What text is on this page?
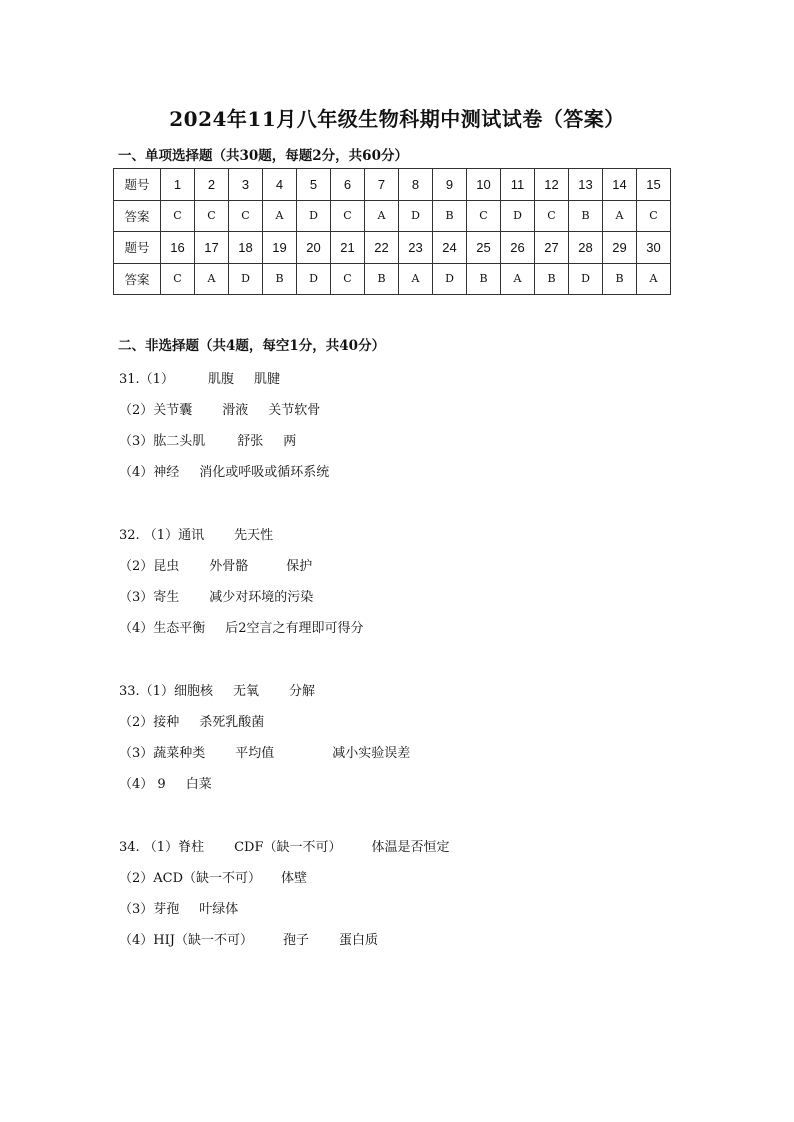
2024年11月八年级生物科期中测试试卷（答案）
一、单项选择题（共30题，每题2分，共60分）
题号	1	2	3	4	5	6	7	8	9	10	11	12	13	14	15
答案	C	C	C	A	D	C	A	D	B	C	D	C	B	A	C
题号	16	17	18	19	20	21	22	23	24	25	26	27	28	29	30
答案	C	A	D	B	D	C	B	A	D	B	A	B	D	B	A
二、非选择题（共4题，每空1分，共40分）
31.（1）	肌腹 肌腱
（2）关节囊 滑液 关节软骨
（3）肱二头肌 舒张 两
（4）神经 消化或呼吸或循环系统
32. （1）通讯 先天性
（2）昆虫 外骨骼	保护
（3）寄生 减少对环境的污染
（4）生态平衡 后2空言之有理即可得分
33.（1）细胞核 无氧 分解
（2）接种 杀死乳酸菌
（3）蔬菜种类 平均值	减小实验误差
（4） 9 白菜
34. （1）脊柱 CDF（缺一不可） 体温是否恒定
（2）ACD（缺一不可） 体壁
（3）芽孢 叶绿体
（4）HIJ（缺一不可） 孢子 蛋白质
